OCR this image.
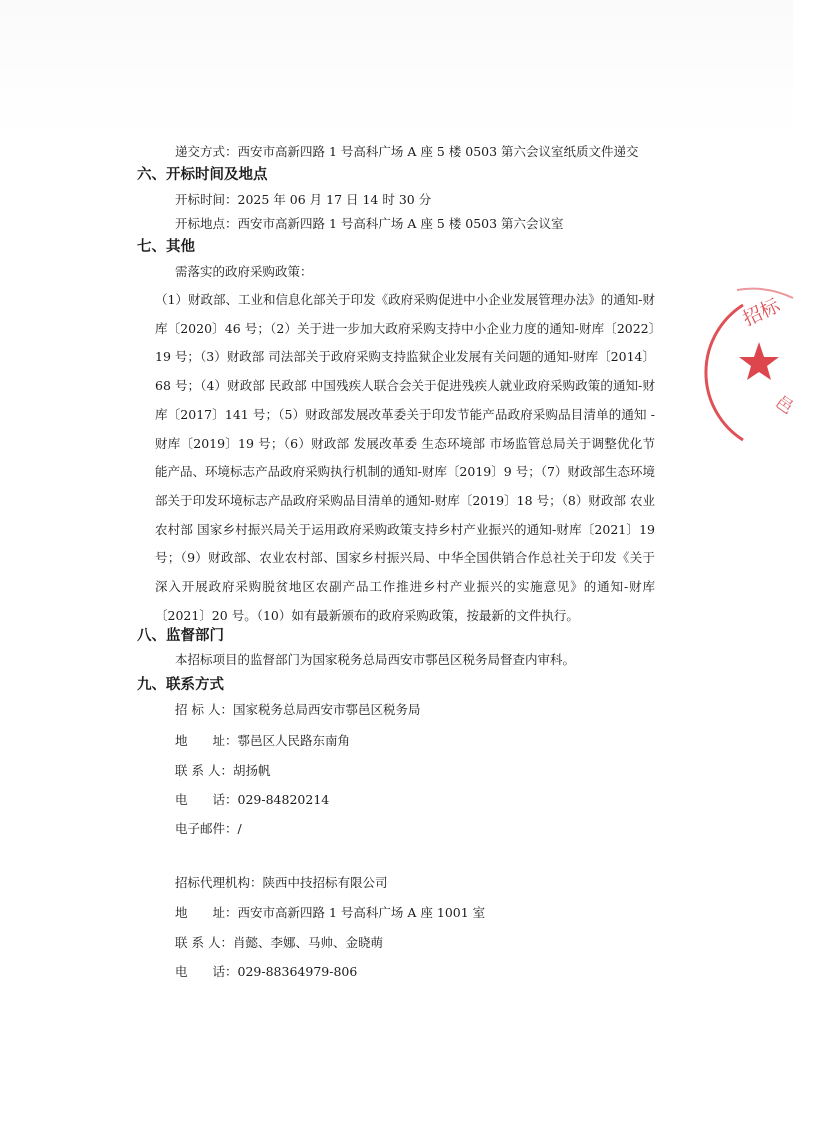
递交方式：西安市高新四路 1 号高科广场 A 座 5 楼 0503 第六会议室纸质文件递交
六、开标时间及地点
开标时间：2025 年 06 月 17 日 14 时 30 分
开标地点：西安市高新四路 1 号高科广场 A 座 5 楼 0503 第六会议室
七、其他
需落实的政府采购政策：
（1）财政部、工业和信息化部关于印发《政府采购促进中小企业发展管理办法》的通知-财库〔2020〕46 号；（2）关于进一步加大政府采购支持中小企业力度的通知-财库〔2022〕19 号；（3）财政部 司法部关于政府采购支持监狱企业发展有关问题的通知-财库〔2014〕68 号；（4）财政部 民政部 中国残疾人联合会关于促进残疾人就业政府采购政策的通知-财库〔2017〕141 号；（5）财政部发展改革委关于印发节能产品政府采购品目清单的通知 -财库〔2019〕19 号；（6）财政部 发展改革委 生态环境部 市场监管总局关于调整优化节能产品、环境标志产品政府采购执行机制的通知-财库〔2019〕9 号；（7）财政部生态环境部关于印发环境标志产品政府采购品目清单的通知-财库〔2019〕18 号；（8）财政部 农业农村部 国家乡村振兴局关于运用政府采购政策支持乡村产业振兴的通知-财库〔2021〕19 号；（9）财政部、农业农村部、国家乡村振兴局、中华全国供销合作总社关于印发《关于深入开展政府采购脱贫地区农副产品工作推进乡村产业振兴的实施意见》的通知-财库〔2021〕20 号。（10）如有最新颁布的政府采购政策，按最新的文件执行。
八、监督部门
本招标项目的监督部门为国家税务总局西安市鄠邑区税务局督查内审科。
九、联系方式
招 标 人：国家税务总局西安市鄠邑区税务局
地　　址：鄠邑区人民路东南角
联 系 人：胡扬帆
电　　话：029-84820214
电子邮件：/
招标代理机构：陕西中技招标有限公司
地　　址：西安市高新四路 1 号高科广场 A 座 1001 室
联 系 人：肖懿、李娜、马帅、金晓萌
电　　话：029-88364979-806
招标
邑
